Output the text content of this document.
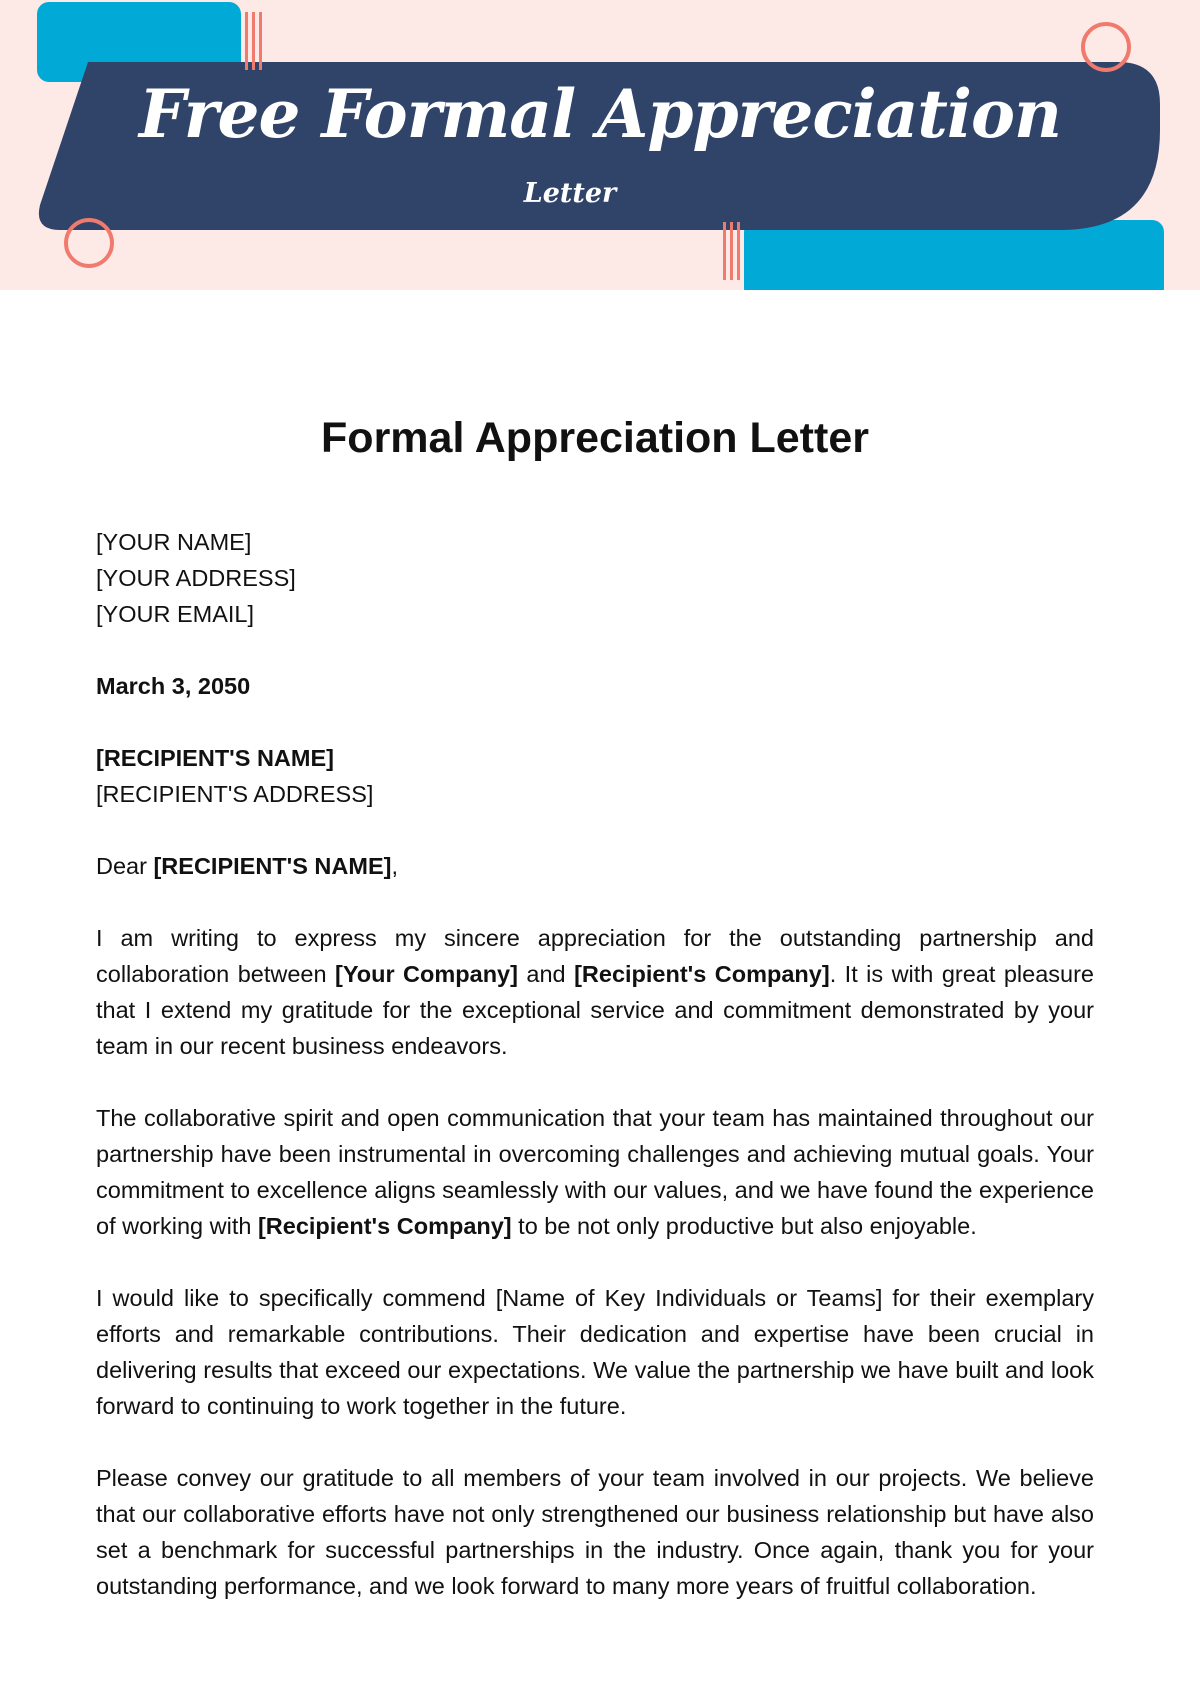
Free Formal Appreciation
Letter
Formal Appreciation Letter
[YOUR NAME]
[YOUR ADDRESS]
[YOUR EMAIL]
March 3, 2050
[RECIPIENT'S NAME]
[RECIPIENT'S ADDRESS]
Dear [RECIPIENT'S NAME],
I am writing to express my sincere appreciation for the outstanding partnership and collaboration between [Your Company] and [Recipient's Company]. It is with great pleasure that I extend my gratitude for the exceptional service and commitment demonstrated by your team in our recent business endeavors.
The collaborative spirit and open communication that your team has maintained throughout our partnership have been instrumental in overcoming challenges and achieving mutual goals. Your commitment to excellence aligns seamlessly with our values, and we have found the experience of working with [Recipient's Company] to be not only productive but also enjoyable.
I would like to specifically commend [Name of Key Individuals or Teams] for their exemplary efforts and remarkable contributions. Their dedication and expertise have been crucial in delivering results that exceed our expectations. We value the partnership we have built and look forward to continuing to work together in the future.
Please convey our gratitude to all members of your team involved in our projects. We believe that our collaborative efforts have not only strengthened our business relationship but have also set a benchmark for successful partnerships in the industry. Once again, thank you for your outstanding performance, and we look forward to many more years of fruitful collaboration.
